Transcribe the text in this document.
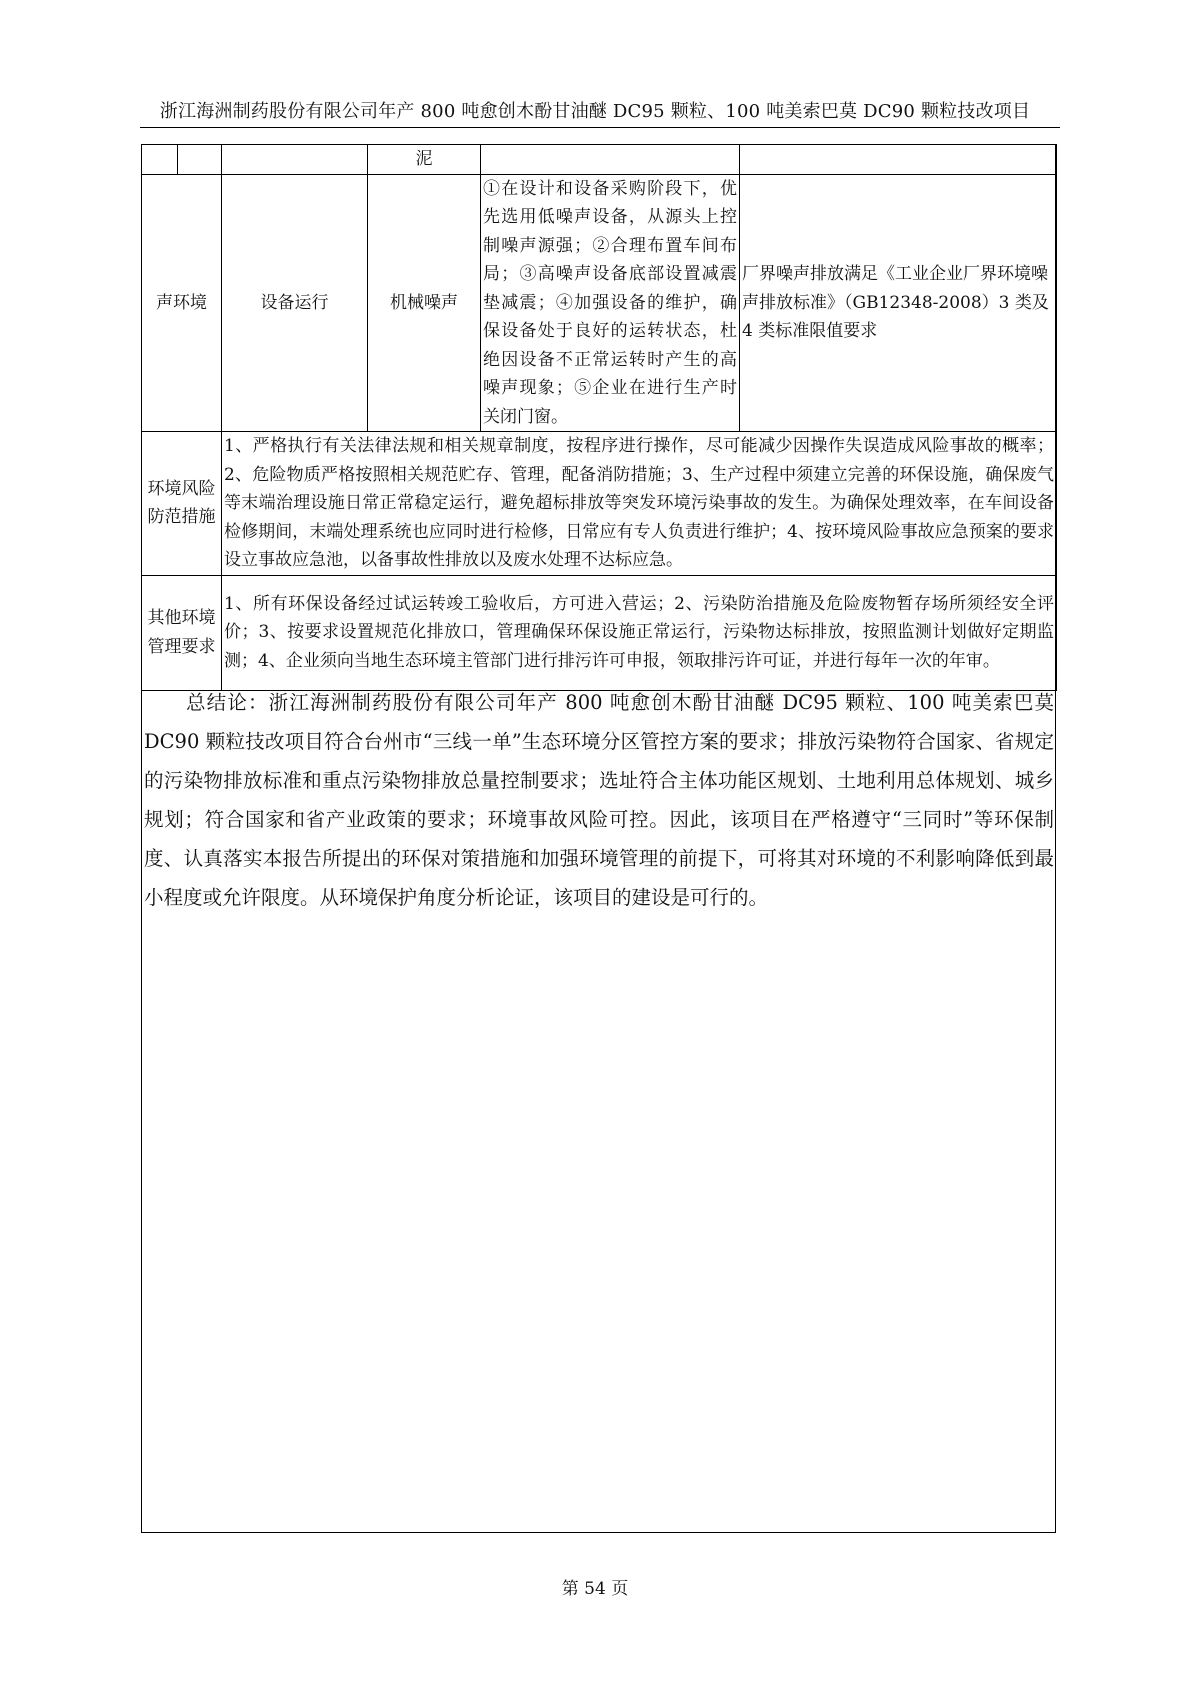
浙江海洲制药股份有限公司年产 800 吨愈创木酚甘油醚 DC95 颗粒、100 吨美索巴莫 DC90 颗粒技改项目
			泥		
声环境		设备运行	机械噪声	①在设计和设备采购阶段下，优先选用低噪声设备，从源头上控制噪声源强；②合理布置车间布局；③高噪声设备底部设置减震垫减震；④加强设备的维护，确保设备处于良好的运转状态，杜绝因设备不正常运转时产生的高噪声现象；⑤企业在进行生产时关闭门窗。	厂界噪声排放满足《工业企业厂界环境噪声排放标准》（GB12348-2008）3 类及 4 类标准限值要求
环境风险防范措施		1、严格执行有关法律法规和相关规章制度，按程序进行操作，尽可能减少因操作失误造成风险事故的概率；2、危险物质严格按照相关规范贮存、管理，配备消防措施；3、生产过程中须建立完善的环保设施，确保废气等末端治理设施日常正常稳定运行，避免超标排放等突发环境污染事故的发生。为确保处理效率，在车间设备检修期间，末端处理系统也应同时进行检修，日常应有专人负责进行维护；4、按环境风险事故应急预案的要求设立事故应急池，以备事故性排放以及废水处理不达标应急。			
其他环境管理要求		1、所有环保设备经过试运转竣工验收后，方可进入营运；2、污染防治措施及危险废物暂存场所须经安全评价；3、按要求设置规范化排放口，管理确保环保设施正常运行，污染物达标排放，按照监测计划做好定期监测；4、企业须向当地生态环境主管部门进行排污许可申报，领取排污许可证，并进行每年一次的年审。			
总结论：浙江海洲制药股份有限公司年产 800 吨愈创木酚甘油醚 DC95 颗粒、100 吨美索巴莫 DC90 颗粒技改项目符合台州市“三线一单”生态环境分区管控方案的要求；排放污染物符合国家、省规定的污染物排放标准和重点污染物排放总量控制要求；选址符合主体功能区规划、土地利用总体规划、城乡规划；符合国家和省产业政策的要求；环境事故风险可控。因此，该项目在严格遵守“三同时”等环保制度、认真落实本报告所提出的环保对策措施和加强环境管理的前提下，可将其对环境的不利影响降低到最小程度或允许限度。从环境保护角度分析论证，该项目的建设是可行的。
第 54 页
